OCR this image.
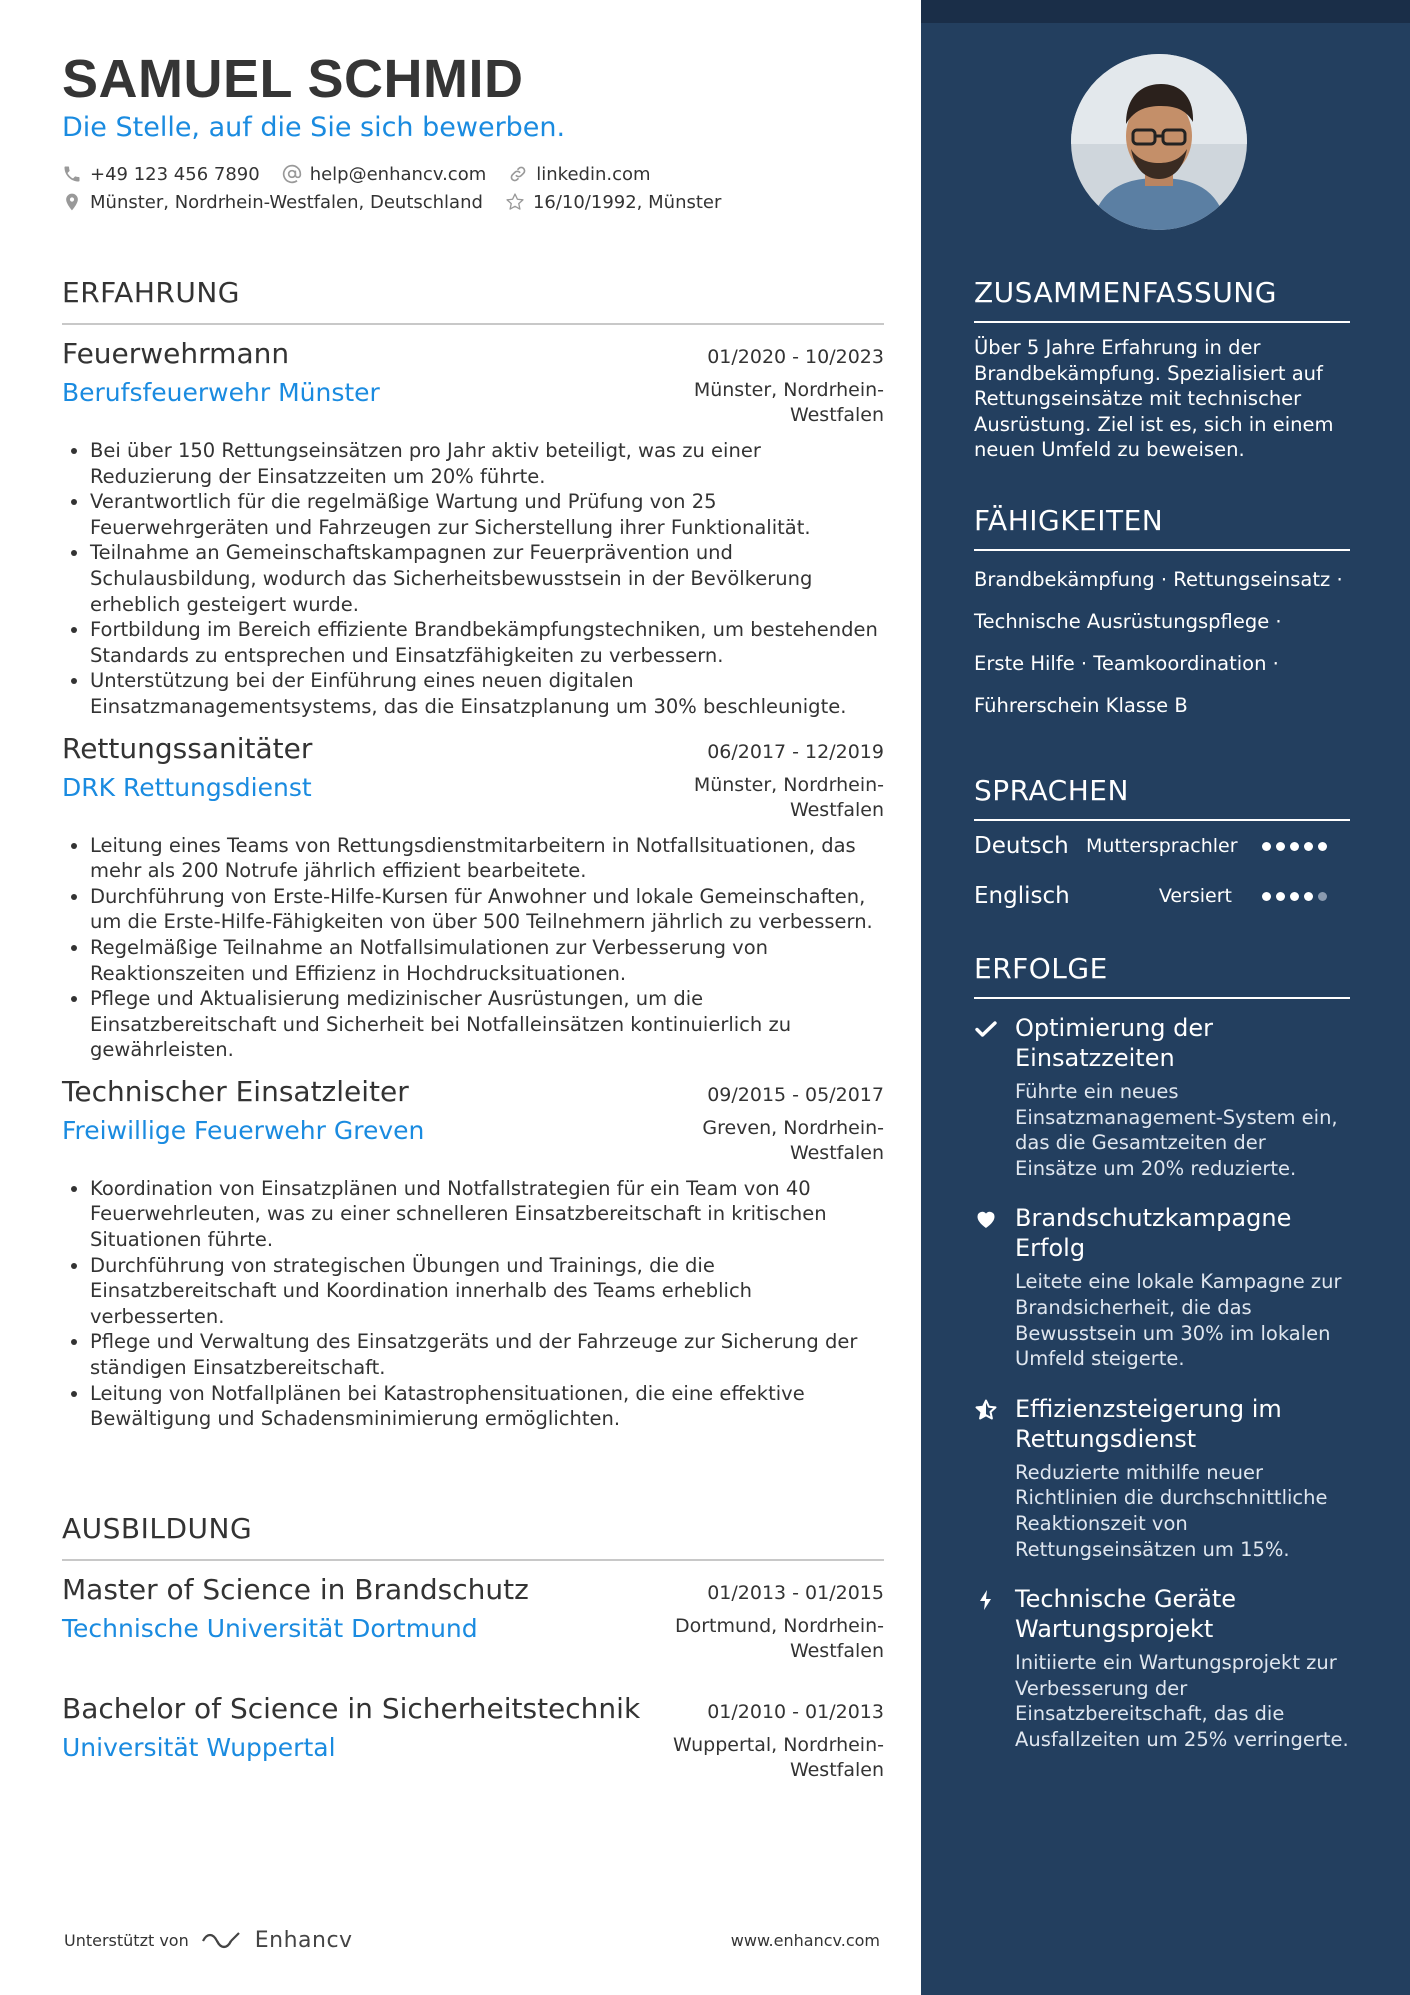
SAMUEL SCHMID
Die Stelle, auf die Sie sich bewerben.
+49 123 456 7890	help@enhancv.com	linkedin.com
Münster, Nordrhein-Westfalen, Deutschland	16/10/1992, Münster
ERFAHRUNG
Feuerwehrmann	01/2020 - 10/2023
Berufsfeuerwehr Münster	Münster, Nordrhein-Westfalen
• Bei über 150 Rettungseinsätzen pro Jahr aktiv beteiligt, was zu einer Reduzierung der Einsatzzeiten um 20% führte.
• Verantwortlich für die regelmäßige Wartung und Prüfung von 25 Feuerwehrgeräten und Fahrzeugen zur Sicherstellung ihrer Funktionalität.
• Teilnahme an Gemeinschaftskampagnen zur Feuerprävention und Schulausbildung, wodurch das Sicherheitsbewusstsein in der Bevölkerung erheblich gesteigert wurde.
• Fortbildung im Bereich effiziente Brandbekämpfungstechniken, um bestehenden Standards zu entsprechen und Einsatzfähigkeiten zu verbessern.
• Unterstützung bei der Einführung eines neuen digitalen Einsatzmanagementsystems, das die Einsatzplanung um 30% beschleunigte.
Rettungssanitäter	06/2017 - 12/2019
DRK Rettungsdienst	Münster, Nordrhein-Westfalen
• Leitung eines Teams von Rettungsdienstmitarbeitern in Notfallsituationen, das mehr als 200 Notrufe jährlich effizient bearbeitete.
• Durchführung von Erste-Hilfe-Kursen für Anwohner und lokale Gemeinschaften, um die Erste-Hilfe-Fähigkeiten von über 500 Teilnehmern jährlich zu verbessern.
• Regelmäßige Teilnahme an Notfallsimulationen zur Verbesserung von Reaktionszeiten und Effizienz in Hochdrucksituationen.
• Pflege und Aktualisierung medizinischer Ausrüstungen, um die Einsatzbereitschaft und Sicherheit bei Notfalleinsätzen kontinuierlich zu gewährleisten.
Technischer Einsatzleiter	09/2015 - 05/2017
Freiwillige Feuerwehr Greven	Greven, Nordrhein-Westfalen
• Koordination von Einsatzplänen und Notfallstrategien für ein Team von 40 Feuerwehrleuten, was zu einer schnelleren Einsatzbereitschaft in kritischen Situationen führte.
• Durchführung von strategischen Übungen und Trainings, die die Einsatzbereitschaft und Koordination innerhalb des Teams erheblich verbesserten.
• Pflege und Verwaltung des Einsatzgeräts und der Fahrzeuge zur Sicherung der ständigen Einsatzbereitschaft.
• Leitung von Notfallplänen bei Katastrophensituationen, die eine effektive Bewältigung und Schadensminimierung ermöglichten.
AUSBILDUNG
Master of Science in Brandschutz	01/2013 - 01/2015
Technische Universität Dortmund	Dortmund, Nordrhein-Westfalen
Bachelor of Science in Sicherheitstechnik	01/2010 - 01/2013
Universität Wuppertal	Wuppertal, Nordrhein-Westfalen
Unterstützt von	Enhancv	www.enhancv.com
ZUSAMMENFASSUNG
Über 5 Jahre Erfahrung in der Brandbekämpfung. Spezialisiert auf Rettungseinsätze mit technischer Ausrüstung. Ziel ist es, sich in einem neuen Umfeld zu beweisen.
FÄHIGKEITEN
Brandbekämpfung · Rettungseinsatz ·
Technische Ausrüstungspflege ·
Erste Hilfe · Teamkoordination ·
Führerschein Klasse B
SPRACHEN
Deutsch Muttersprachler
Englisch	Versiert
ERFOLGE
Optimierung der Einsatzzeiten
Führte ein neues Einsatzmanagement-System ein, das die Gesamtzeiten der Einsätze um 20% reduzierte.
Brandschutzkampagne Erfolg
Leitete eine lokale Kampagne zur Brandsicherheit, die das Bewusstsein um 30% im lokalen Umfeld steigerte.
Effizienzsteigerung im Rettungsdienst
Reduzierte mithilfe neuer Richtlinien die durchschnittliche Reaktionszeit von Rettungseinsätzen um 15%.
Technische Geräte Wartungsprojekt
Initiierte ein Wartungsprojekt zur Verbesserung der Einsatzbereitschaft, das die Ausfallzeiten um 25% verringerte.
